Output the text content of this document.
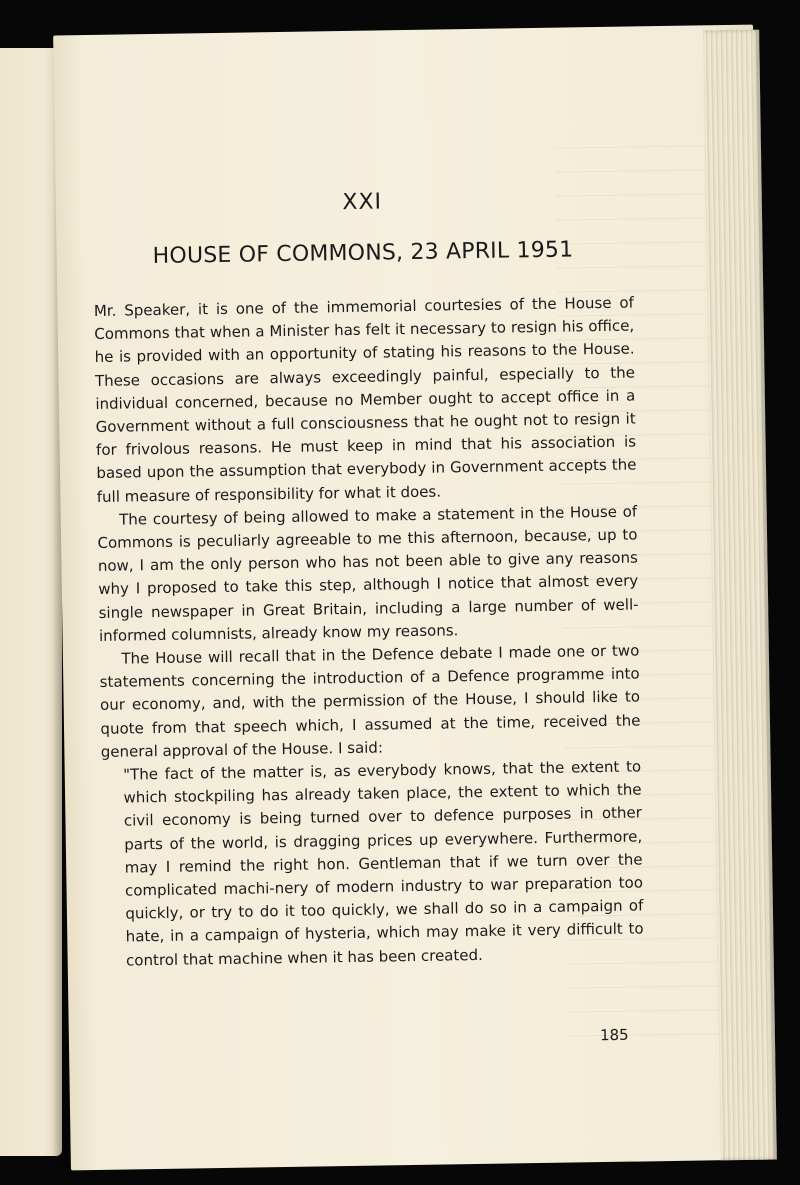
XXI
HOUSE OF COMMONS, 23 APRIL 1951

Mr. Speaker, it is one of the immemorial courtesies of the House of Commons that when a Minister has felt it necessary to resign his office, he is provided with an opportunity of stating his reasons to the House. These occasions are always exceedingly painful, especially to the individual concerned, because no Member ought to accept office in a Government without a full consciousness that he ought not to resign it for frivolous reasons. He must keep in mind that his association is based upon the assumption that everybody in Government accepts the full measure of responsibility for what it does.

The courtesy of being allowed to make a statement in the House of Commons is peculiarly agreeable to me this afternoon, because, up to now, I am the only person who has not been able to give any reasons why I proposed to take this step, although I notice that almost every single newspaper in Great Britain, including a large number of well-informed columnists, already know my reasons.

The House will recall that in the Defence debate I made one or two statements concerning the introduction of a Defence programme into our economy, and, with the permission of the House, I should like to quote from that speech which, I assumed at the time, received the general approval of the House. I said:

"The fact of the matter is, as everybody knows, that the extent to which stockpiling has already taken place, the extent to which the civil economy is being turned over to defence purposes in other parts of the world, is dragging prices up everywhere. Furthermore, may I remind the right hon. Gentleman that if we turn over the complicated machi-nery of modern industry to war preparation too quickly, or try to do it too quickly, we shall do so in a campaign of hate, in a campaign of hysteria, which may make it very difficult to control that machine when it has been created.

185
